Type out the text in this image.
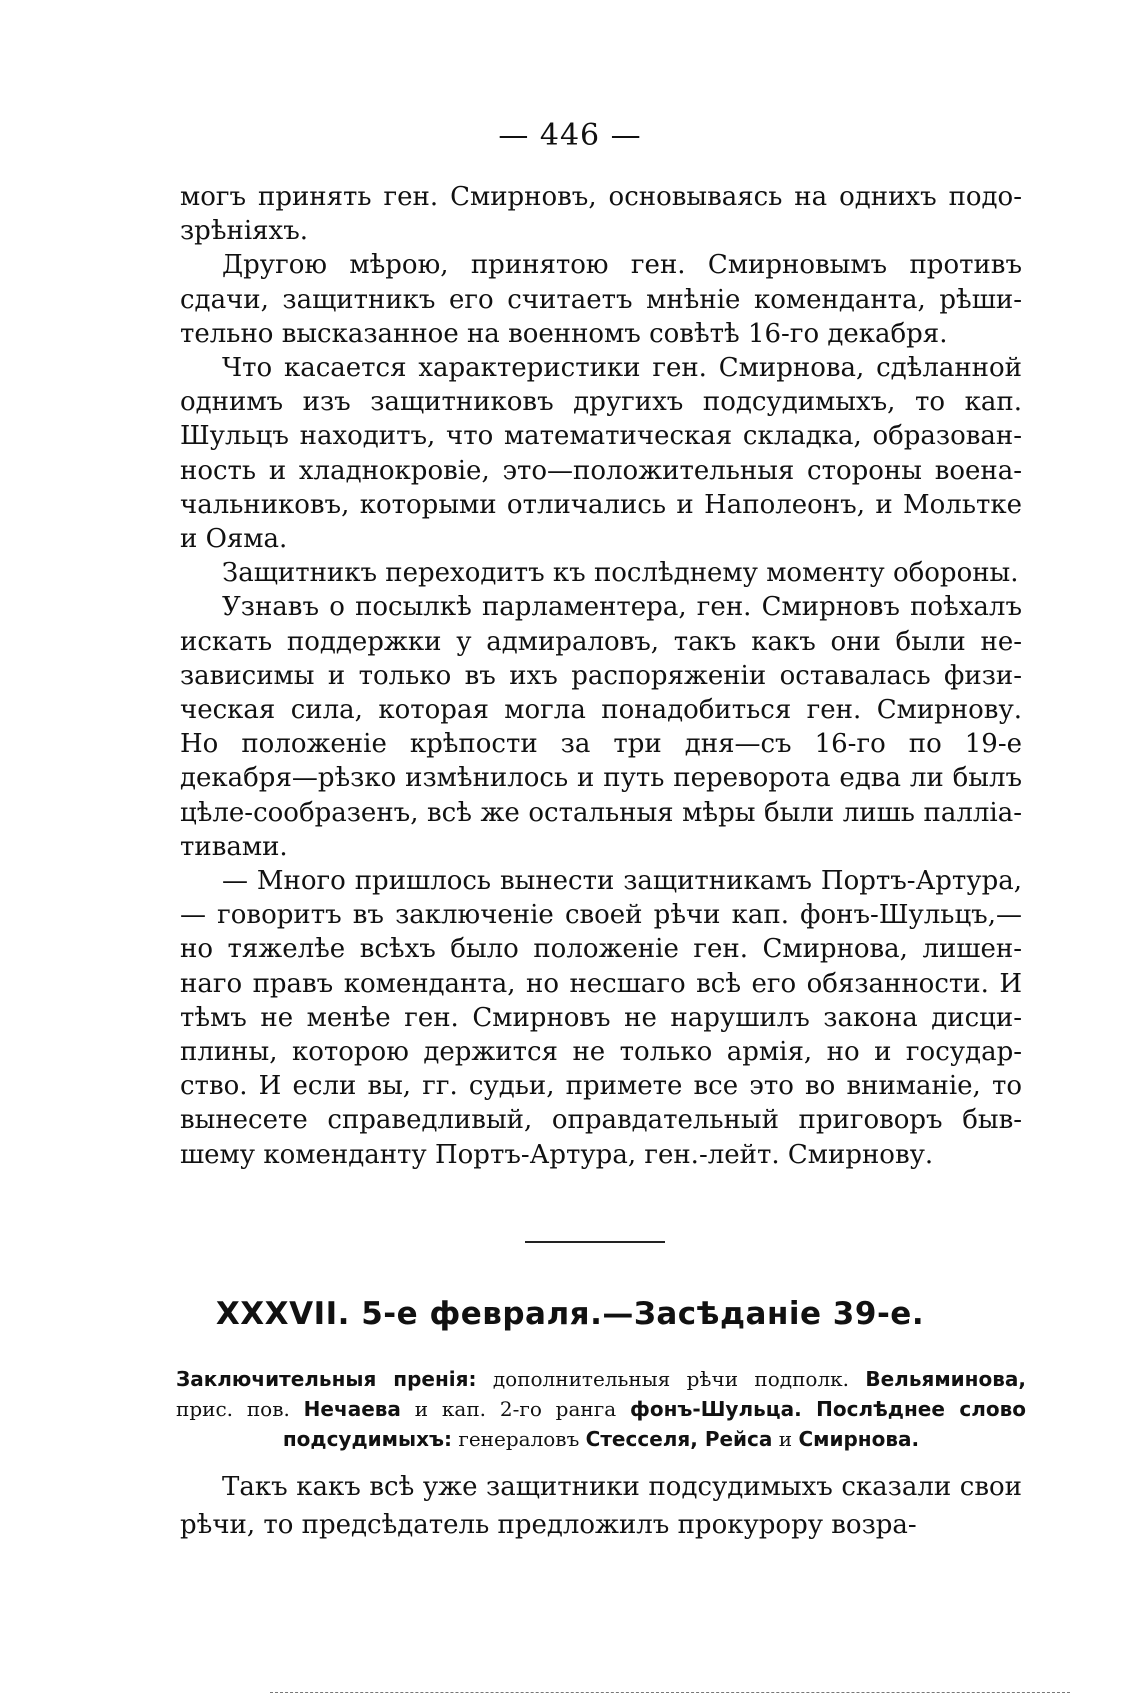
— 446 —

могъ принять ген. Смирновъ, основываясь на однихъ подо-зрѣніяхъ.

Другою мѣрою, принятою ген. Смирновымъ противъ сдачи, защитникъ его считаетъ мнѣніе коменданта, рѣши-тельно высказанное на военномъ совѣтѣ 16-го декабря.

Что касается характеристики ген. Смирнова, сдѣланной однимъ изъ защитниковъ другихъ подсудимыхъ, то кап. Шульцъ находитъ, что математическая складка, образован-ность и хладнокровіе, это—положительныя стороны воена-чальниковъ, которыми отличались и Наполеонъ, и Мольтке и Ояма.

Защитникъ переходитъ къ послѣднему моменту обороны.

Узнавъ о посылкѣ парламентера, ген. Смирновъ поѣхалъ искать поддержки у адмираловъ, такъ какъ они были не-зависимы и только въ ихъ распоряженіи оставалась физи-ческая сила, которая могла понадобиться ген. Смирнову. Но положеніе крѣпости за три дня—съ 16-го по 19-е декабря—рѣзко измѣнилось и путь переворота едва ли былъ цѣле-сообразенъ, всѣ же остальныя мѣры были лишь палліа-тивами.

— Много пришлось вынести защитникамъ Портъ-Артура,— говоритъ въ заключеніе своей рѣчи кап. фонъ-Шульцъ,— но тяжелѣе всѣхъ было положеніе ген. Смирнова, лишен-наго правъ коменданта, но несшаго всѣ его обязанности. И тѣмъ не менѣе ген. Смирновъ не нарушилъ закона дисци-плины, которою держится не только армія, но и государ-ство. И если вы, гг. судьи, примете все это во вниманіе, то вынесете справедливый, оправдательный приговоръ быв-шему коменданту Портъ-Артура, ген.-лейт. Смирнову.

XXXVII. 5-е февраля.—Засѣданіе 39-е.
Заключительныя пренія: дополнительныя рѣчи подполк. Вельяминова, прис. пов. Нечаева и кап. 2-го ранга фонъ-Шульца. Послѣднее слово подсудимыхъ: генераловъ Стесселя, Рейса и Смирнова.

Такъ какъ всѣ уже защитники подсудимыхъ сказали свои рѣчи, то предсѣдатель предложилъ прокурору возра-
